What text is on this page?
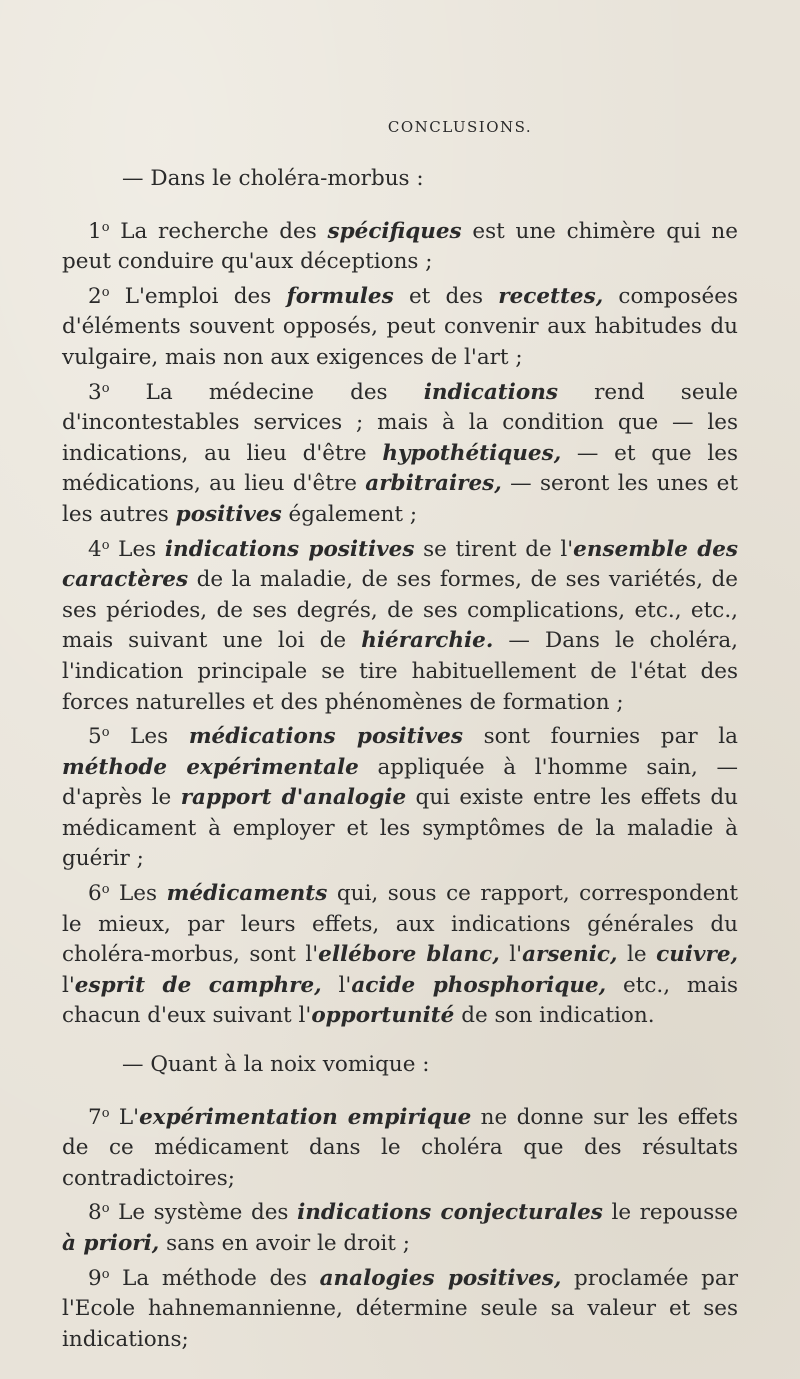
CONCLUSIONS.

— Dans le choléra-morbus :

1$^o$ La recherche des spécifiques est une chimère qui ne peut conduire qu'aux déceptions ;

2$^o$ L'emploi des formules et des recettes, composées d'éléments souvent opposés, peut convenir aux habitudes du vulgaire, mais non aux exigences de l'art ;

3$^o$ La médecine des indications rend seule d'incontestables services ; mais à la condition que — les indications, au lieu d'être hypothétiques, — et que les médications, au lieu d'être arbitraires, — seront les unes et les autres positives également ;

4$^o$ Les indications positives se tirent de l'ensemble des caractères de la maladie, de ses formes, de ses variétés, de ses périodes, de ses degrés, de ses complications, etc., etc., mais suivant une loi de hiérarchie. — Dans le choléra, l'indication principale se tire habituellement de l'état des forces naturelles et des phénomènes de formation ;

5$^o$ Les médications positives sont fournies par la méthode expérimentale appliquée à l'homme sain, — d'après le rapport d'analogie qui existe entre les effets du médicament à employer et les symptômes de la maladie à guérir ;

6$^o$ Les médicaments qui, sous ce rapport, correspondent le mieux, par leurs effets, aux indications générales du choléra-morbus, sont l'ellébore blanc, l'arsenic, le cuivre, l'esprit de camphre, l'acide phosphorique, etc., mais chacun d'eux suivant l'opportunité de son indication.

— Quant à la noix vomique :

7$^o$ L'expérimentation empirique ne donne sur les effets de ce médicament dans le choléra que des résultats contradictoires;

8$^o$ Le système des indications conjecturales le repousse à priori, sans en avoir le droit ;

9$^o$ La méthode des analogies positives, proclamée par l'Ecole hahnemannienne, détermine seule sa valeur et ses indications;
